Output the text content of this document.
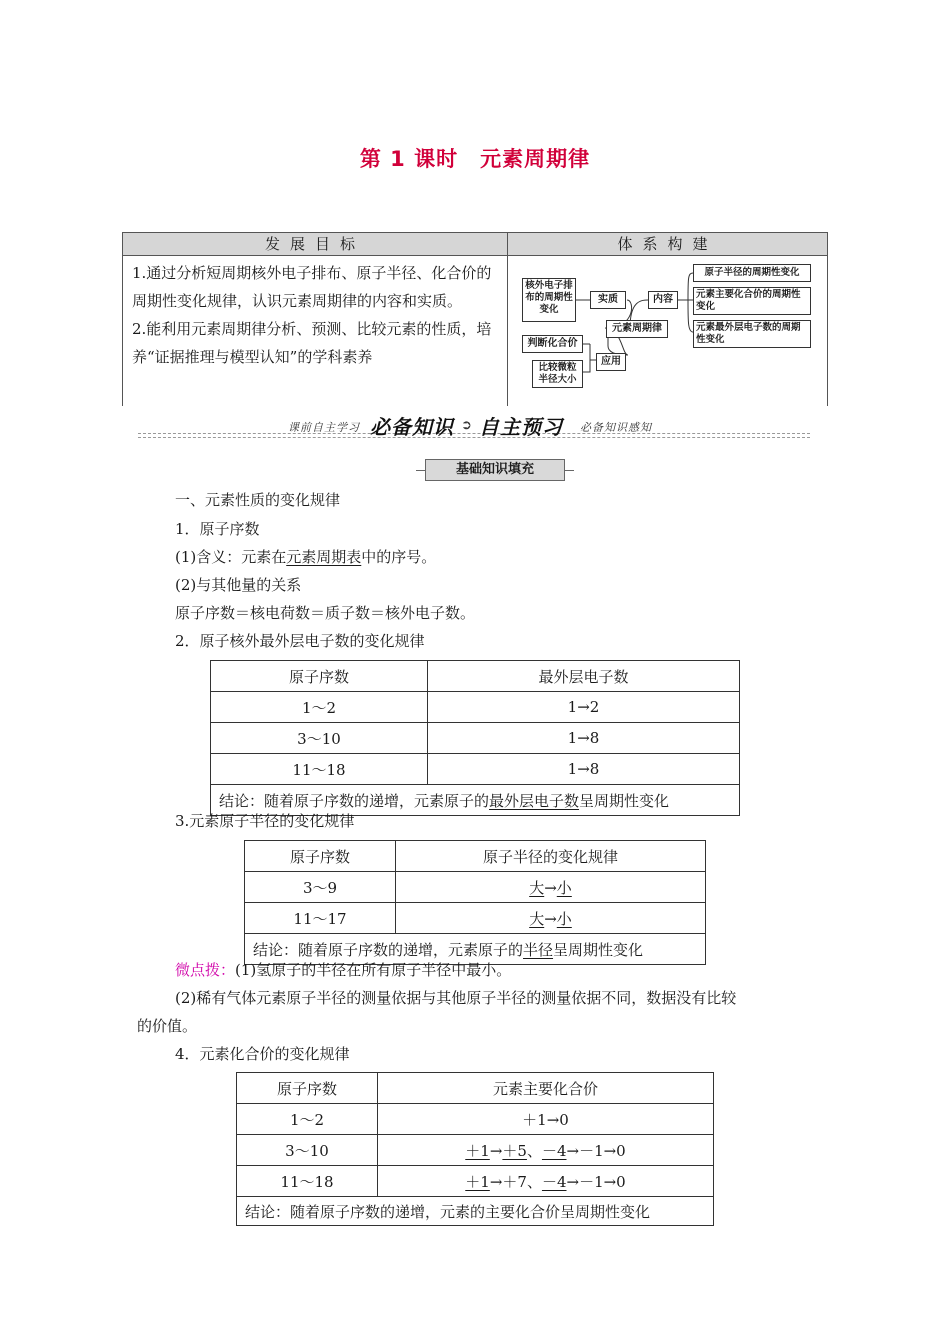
第 1 课时　元素周期律
发展目标	体系构建

1.通过分析短周期核外电子排布、原子半径、化合价的周期性变化规律，认识元素周期律的内容和实质。

2.能利用元素周期律分析、预测、比较元素的性质，培养“证据推理与模型认知”的学科素养

核外电子排布的周期性变化
实质	内容
元素周期律
原子半径的周期性变化
元素主要化合价的周期性变化
元素最外层电子数的周期性变化
判断化合价
应用
比较微粒半径大小
课前自主学习 必备知识 ➲ 自主预习 必备知识感知
基础知识填充
一、元素性质的变化规律
1．原子序数
(1)含义：元素在元素周期表中的序号。
(2)与其他量的关系
原子序数＝核电荷数＝质子数＝核外电子数。
2．原子核外最外层电子数的变化规律
原子序数	最外层电子数
1～2	1→2
3～10	1→8
11～18	1→8
结论：随着原子序数的递增，元素原子的最外层电子数呈周期性变化	
3.元素原子半径的变化规律
原子序数	原子半径的变化规律
3～9	大→小
11～17	大→小
结论：随着原子序数的递增，元素原子的半径呈周期性变化	
微点拨：(1)氢原子的半径在所有原子半径中最小。
(2)稀有气体元素原子半径的测量依据与其他原子半径的测量依据不同，数据没有比较
的价值。
4．元素化合价的变化规律
原子序数	元素主要化合价
1～2	＋1→0
3～10	＋1→＋5、－4→－1→0
11～18	＋1→＋7、－4→－1→0
结论：随着原子序数的递增，元素的主要化合价呈周期性变化	
